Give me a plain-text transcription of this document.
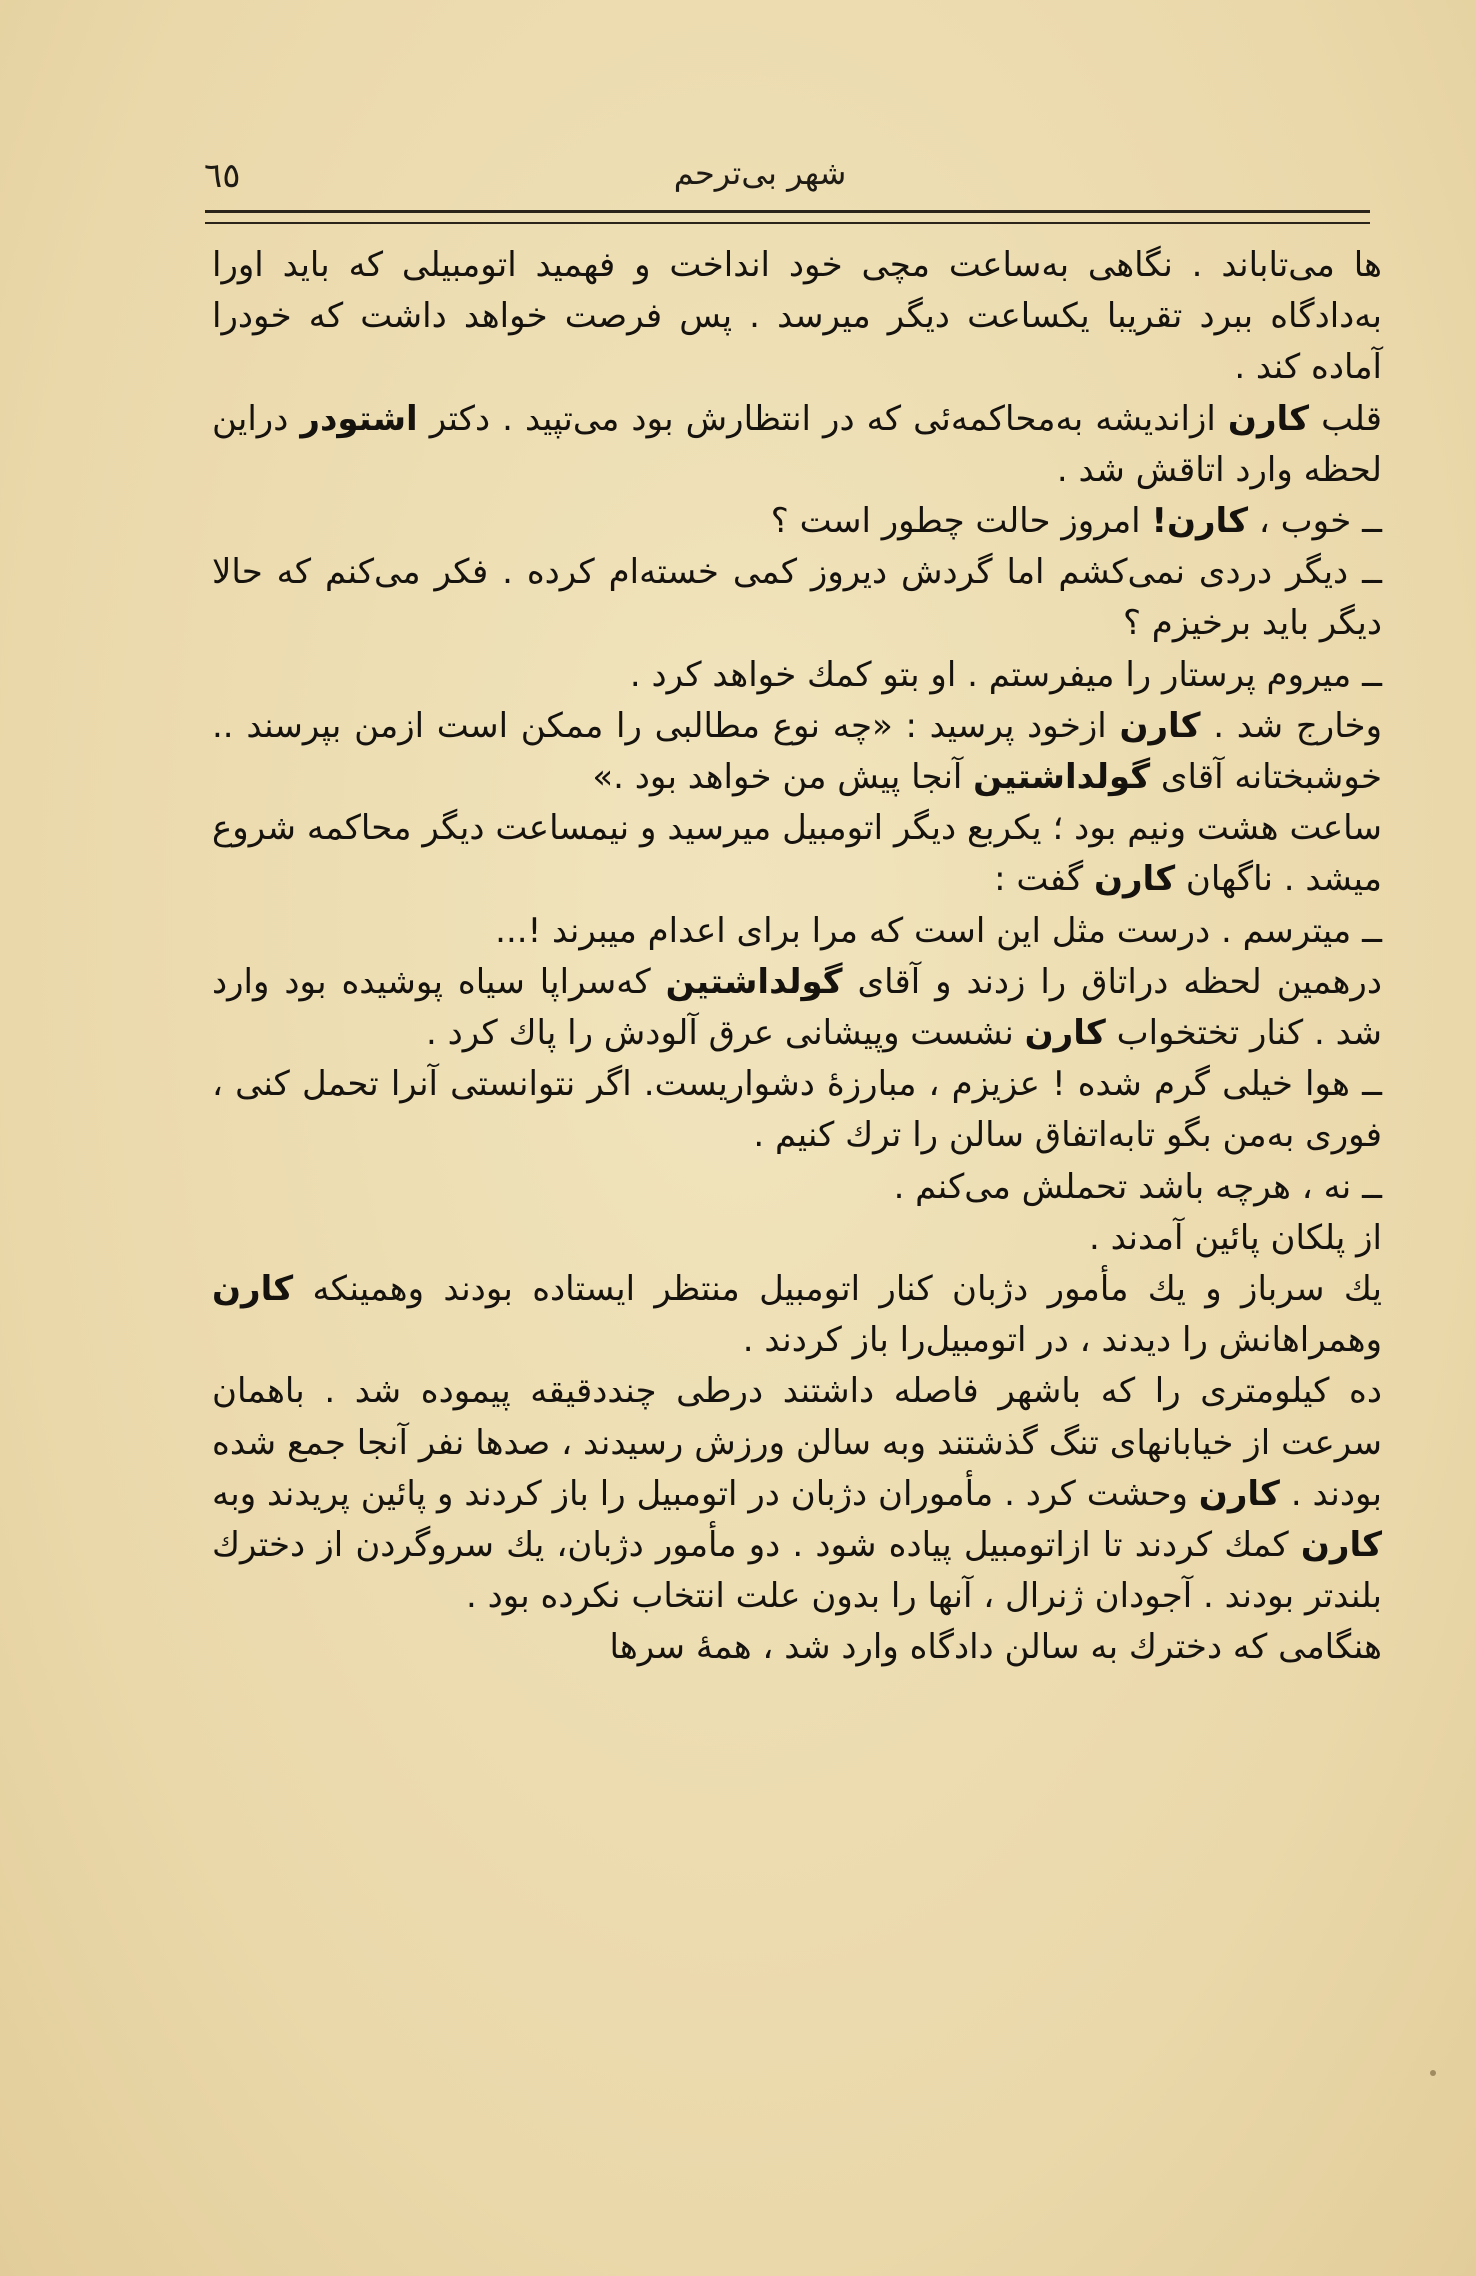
٦٥	شهر بی‌ترحم

ها می‌تاباند . نگاهی به‌ساعت مچی خود انداخت و فهمید اتومبیلی که باید اورا به‌دادگاه ببرد تقریبا یکساعت دیگر میرسد . پس فرصت خواهد داشت که خودرا آماده کند .

قلب کارن ازاندیشه به‌محاکمه‌ئی که در انتظارش بود می‌تپید . دکتر اشتودر دراین لحظه وارد اتاقش شد .

ــ خوب ، کارن! امروز حالت چطور است ؟

ــ دیگر دردی نمی‌کشم اما گردش دیروز کمی خسته‌ام کرده . فکر می‌کنم که حالا دیگر باید برخیزم ؟

ــ میروم پرستار را میفرستم . او بتو کمك خواهد کرد .

وخارج شد . کارن ازخود پرسید : «چه نوع مطالبی را ممکن است ازمن بپرسند .. خوشبختانه آقای گولداشتین آنجا پیش من خواهد بود .»

ساعت هشت ونیم بود ؛ یکربع دیگر اتومبیل میرسید و نیمساعت دیگر محاکمه شروع میشد . ناگهان کارن گفت :

ــ میترسم . درست مثل این است که مرا برای اعدام میبرند !...

درهمین لحظه دراتاق را زدند و آقای گولداشتین که‌سراپا سیاه پوشیده بود وارد شد . کنار تختخواب کارن نشست وپیشانی عرق آلودش را پاك کرد .

ــ هوا خیلی گرم شده ! عزیزم ، مبارزهٔ دشواریست. اگر نتوانستی آنرا تحمل کنی ، فوری به‌من بگو تابه‌اتفاق سالن را ترك کنیم .

ــ نه ، هرچه باشد تحملش می‌کنم .

از پلکان پائین آمدند .

یك سرباز و یك مأمور دژبان کنار اتومبیل منتظر ایستاده بودند وهمینکه کارن وهمراهانش را دیدند ، در اتومبیل‌را باز کردند .

ده کیلومتری را که باشهر فاصله داشتند درطی چنددقیقه پیموده شد . باهمان سرعت از خیابانهای تنگ گذشتند وبه سالن ورزش رسیدند ، صدها نفر آنجا جمع شده بودند . کارن وحشت کرد . مأموران دژبان در اتومبیل را باز کردند و پائین پریدند وبه کارن کمك کردند تا ازاتومبیل پیاده شود . دو مأمور دژبان، یك سروگردن از دخترك بلندتر بودند . آجودان ژنرال ، آنها را بدون علت انتخاب نکرده بود .

هنگامی که دخترك به سالن دادگاه وارد شد ، همهٔ سرها
